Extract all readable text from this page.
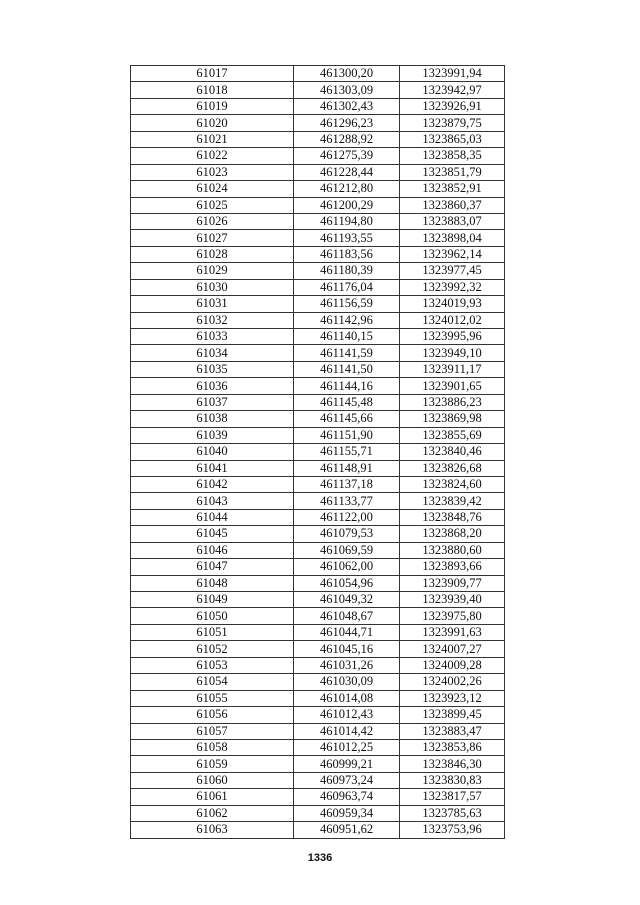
61017	461300,20	1323991,94
61018	461303,09	1323942,97
61019	461302,43	1323926,91
61020	461296,23	1323879,75
61021	461288,92	1323865,03
61022	461275,39	1323858,35
61023	461228,44	1323851,79
61024	461212,80	1323852,91
61025	461200,29	1323860,37
61026	461194,80	1323883,07
61027	461193,55	1323898,04
61028	461183,56	1323962,14
61029	461180,39	1323977,45
61030	461176,04	1323992,32
61031	461156,59	1324019,93
61032	461142,96	1324012,02
61033	461140,15	1323995,96
61034	461141,59	1323949,10
61035	461141,50	1323911,17
61036	461144,16	1323901,65
61037	461145,48	1323886,23
61038	461145,66	1323869,98
61039	461151,90	1323855,69
61040	461155,71	1323840,46
61041	461148,91	1323826,68
61042	461137,18	1323824,60
61043	461133,77	1323839,42
61044	461122,00	1323848,76
61045	461079,53	1323868,20
61046	461069,59	1323880,60
61047	461062,00	1323893,66
61048	461054,96	1323909,77
61049	461049,32	1323939,40
61050	461048,67	1323975,80
61051	461044,71	1323991,63
61052	461045,16	1324007,27
61053	461031,26	1324009,28
61054	461030,09	1324002,26
61055	461014,08	1323923,12
61056	461012,43	1323899,45
61057	461014,42	1323883,47
61058	461012,25	1323853,86
61059	460999,21	1323846,30
61060	460973,24	1323830,83
61061	460963,74	1323817,57
61062	460959,34	1323785,63
61063	460951,62	1323753,96
1336
